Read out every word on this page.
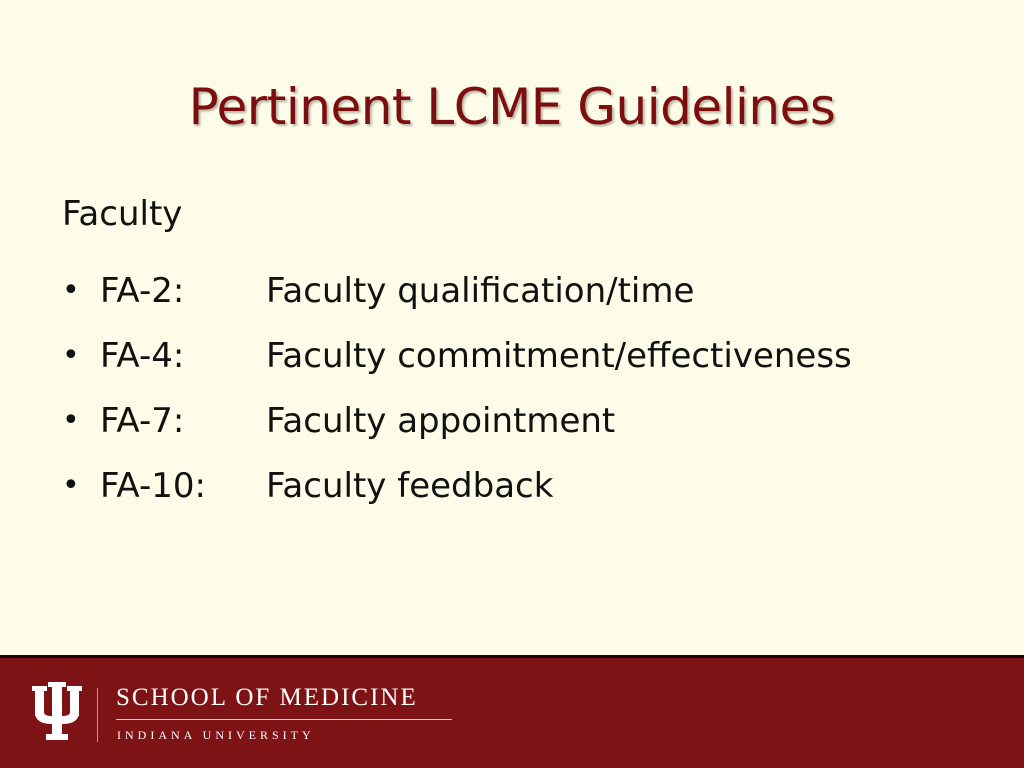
Pertinent LCME Guidelines
Faculty
• FA-2:	Faculty qualification/time
• FA-4:	Faculty commitment/effectiveness
• FA-7:	Faculty appointment
• FA-10:	Faculty feedback
SCHOOL OF MEDICINE
INDIANA UNIVERSITY
